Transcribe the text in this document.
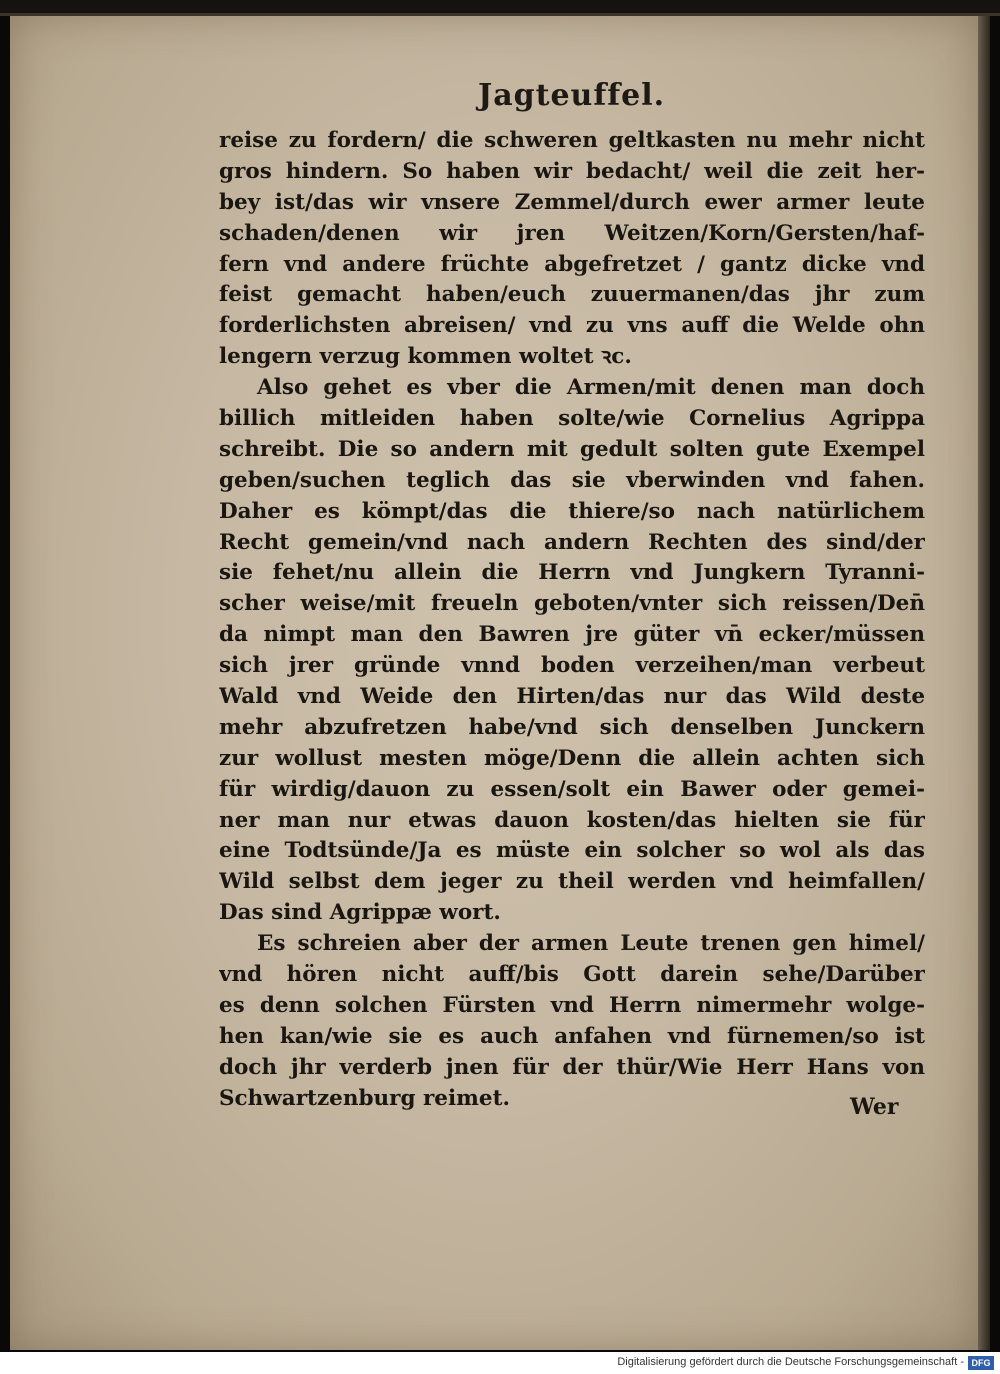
Jagteuffel.
reise zu fordern/ die schweren geltkasten nu mehr nicht
gros hindern. So haben wir bedacht/ weil die zeit her-
bey ist/das wir vnsere Zemmel/durch ewer armer leute
schaden/denen wir jren Weitzen/Korn/Gersten/haf-
fern vnd andere früchte abgefretzet / gantz dicke vnd
feist gemacht haben/euch zuuermanen/das jhr zum
forderlichsten abreisen/ vnd zu vns auff die Welde ohn
lengern verzug kommen woltet ꝛc.
Also gehet es vber die Armen/mit denen man doch
billich mitleiden haben solte/wie Cornelius Agrippa
schreibt. Die so andern mit gedult solten gute Exempel
geben/suchen teglich das sie vberwinden vnd fahen.
Daher es kömpt/das die thiere/so nach natürlichem
Recht gemein/vnd nach andern Rechten des sind/der
sie fehet/nu allein die Herrn vnd Jungkern Tyranni-
scher weise/mit freueln geboten/vnter sich reissen/Den̄
da nimpt man den Bawren jre güter vn̄ ecker/müssen
sich jrer gründe vnnd boden verzeihen/man verbeut
Wald vnd Weide den Hirten/das nur das Wild deste
mehr abzufretzen habe/vnd sich denselben Junckern
zur wollust mesten möge/Denn die allein achten sich
für wirdig/dauon zu essen/solt ein Bawer oder gemei-
ner man nur etwas dauon kosten/das hielten sie für
eine Todtsünde/Ja es müste ein solcher so wol als das
Wild selbst dem jeger zu theil werden vnd heimfallen/
Das sind Agrippæ wort.
Es schreien aber der armen Leute trenen gen himel/
vnd hören nicht auff/bis Gott darein sehe/Darüber
es denn solchen Fürsten vnd Herrn nimermehr wolge-
hen kan/wie sie es auch anfahen vnd fürnemen/so ist
doch jhr verderb jnen für der thür/Wie Herr Hans von
Schwartzenburg reimet.	Wer
Digitalisierung gefördert durch die Deutsche Forschungsgemeinschaft - DFG
